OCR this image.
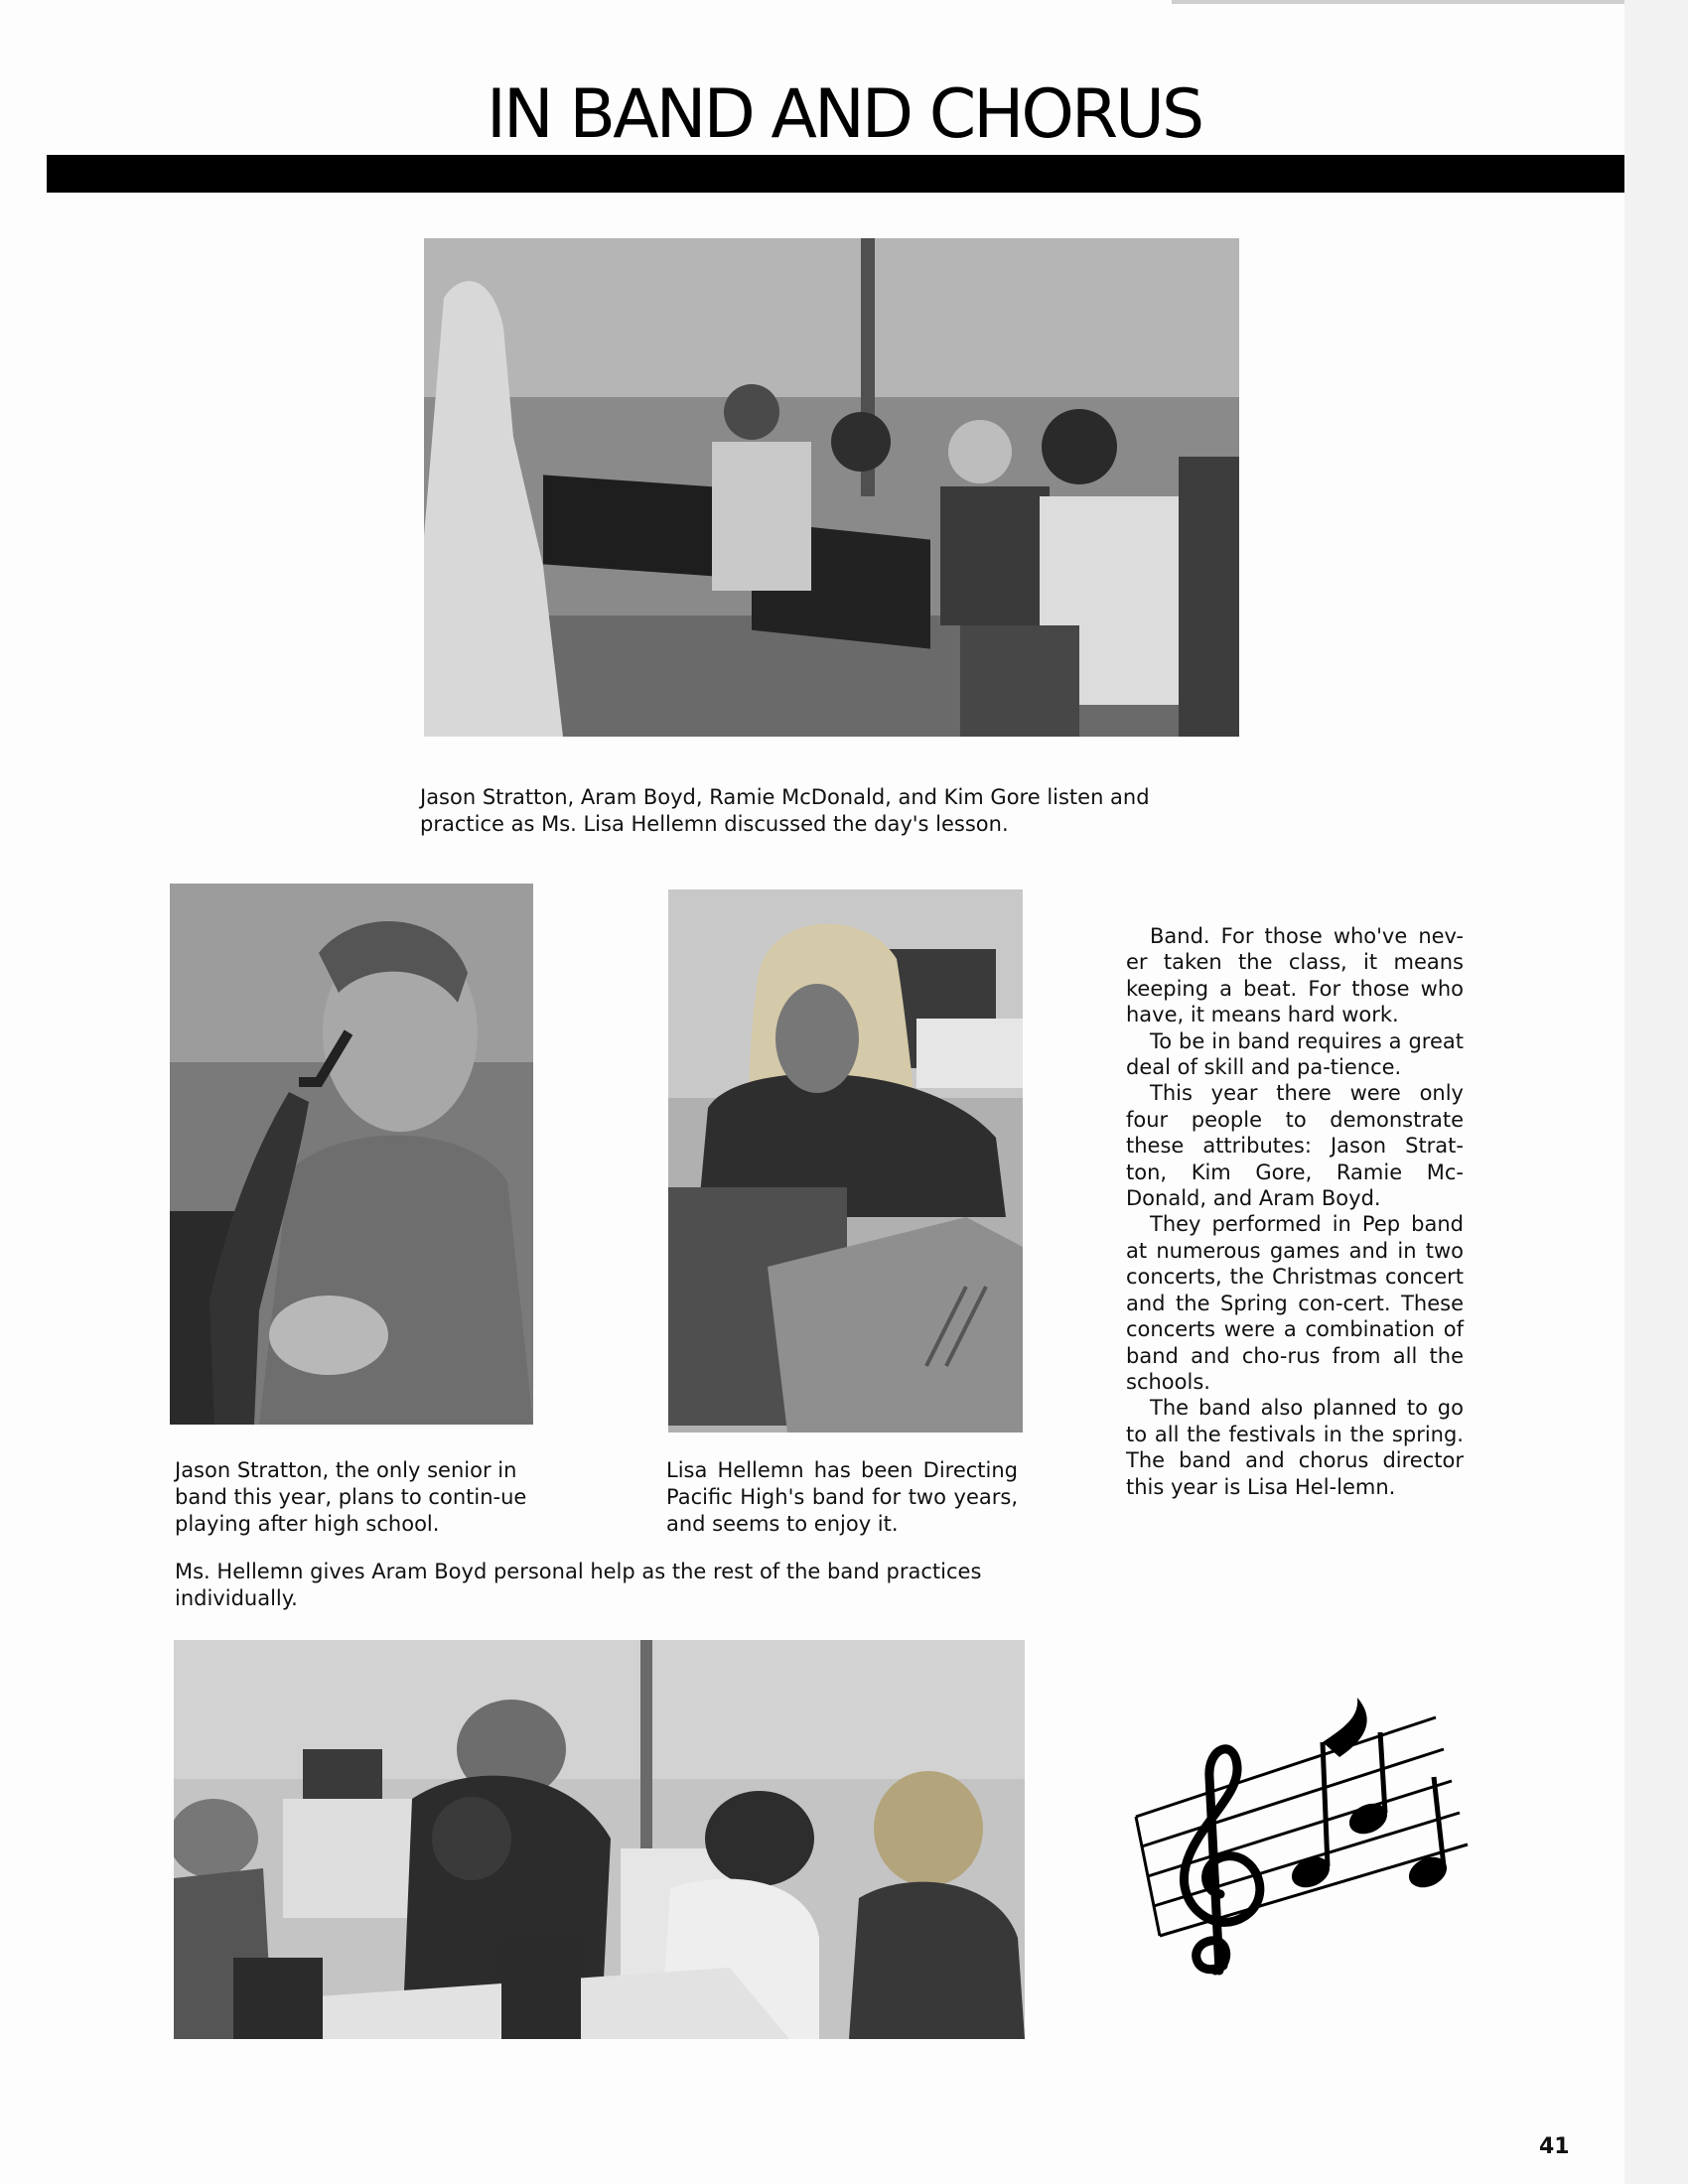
IN BAND AND CHORUS
Jason Stratton, Aram Boyd, Ramie McDonald, and Kim Gore listen and practice as Ms. Lisa Hellemn discussed the day's lesson.
Jason Stratton, the only senior in band this year, plans to contin-ue playing after high school.
Lisa Hellemn has been Directing Pacific High's band for two years, and seems to enjoy it.

Band. For those who've nev-er taken the class, it means keeping a beat. For those who have, it means hard work.

To be in band requires a great deal of skill and pa-tience.

This year there were only four people to demonstrate these attributes: Jason Strat-ton, Kim Gore, Ramie Mc-Donald, and Aram Boyd.

They performed in Pep band at numerous games and in two concerts, the Christmas concert and the Spring con-cert. These concerts were a combination of band and cho-rus from all the schools.

The band also planned to go to all the festivals in the spring. The band and chorus director this year is Lisa Hel-lemn.

Ms. Hellemn gives Aram Boyd personal help as the rest of the band practices individually.
41
